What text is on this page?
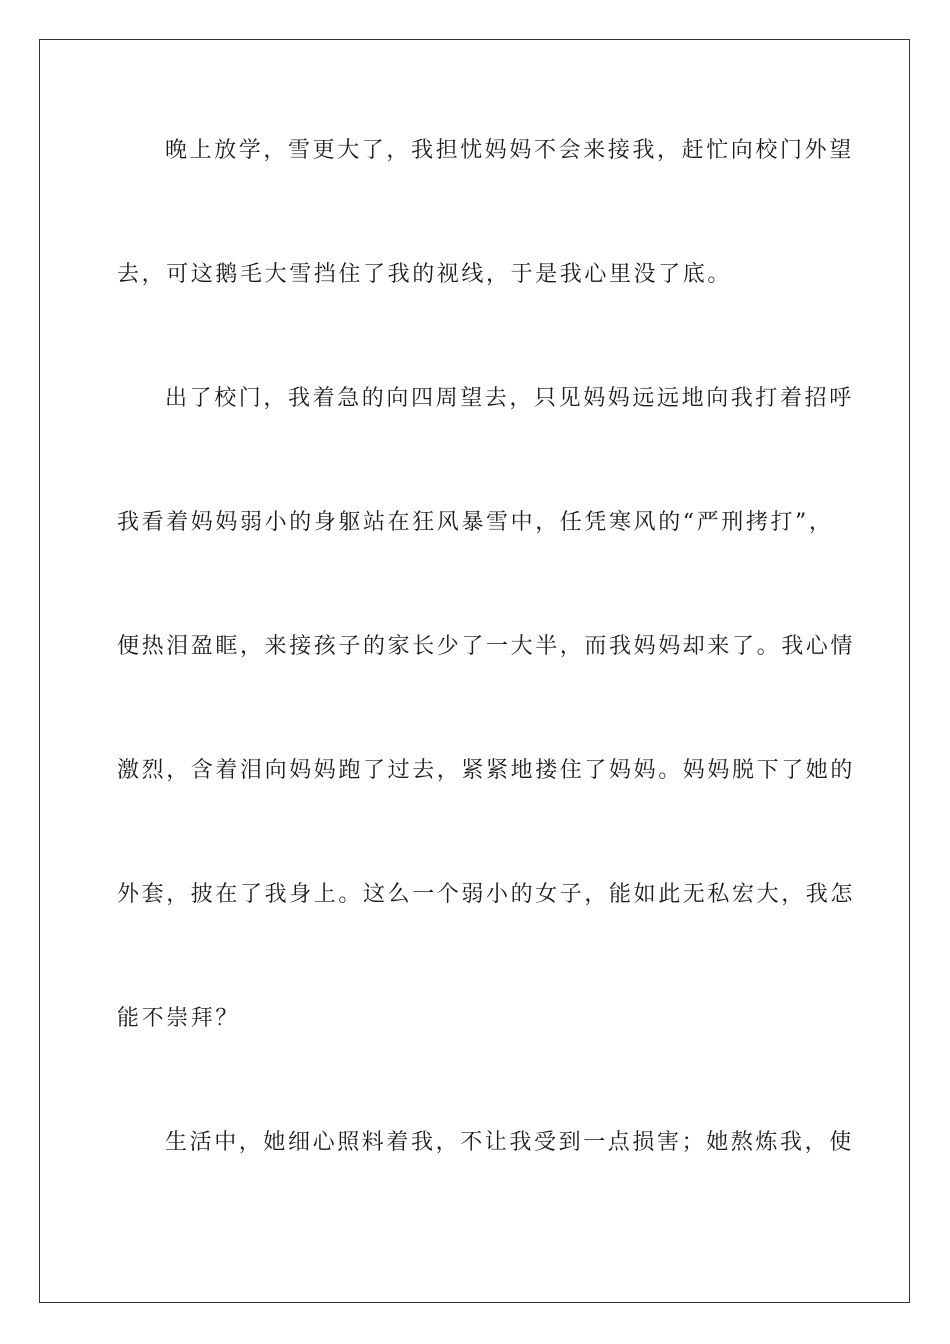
晚上放学，雪更大了，我担忧妈妈不会来接我，赶忙向校门外望
去，可这鹅毛大雪挡住了我的视线，于是我心里没了底。
出了校门，我着急的向四周望去，只见妈妈远远地向我打着招呼
我看着妈妈弱小的身躯站在狂风暴雪中，任凭寒风的“严刑拷打”，
便热泪盈眶，来接孩子的家长少了一大半，而我妈妈却来了。我心情
激烈，含着泪向妈妈跑了过去，紧紧地搂住了妈妈。妈妈脱下了她的
外套，披在了我身上。这么一个弱小的女子，能如此无私宏大，我怎
能不崇拜？
生活中，她细心照料着我，不让我受到一点损害；她熬炼我，使
